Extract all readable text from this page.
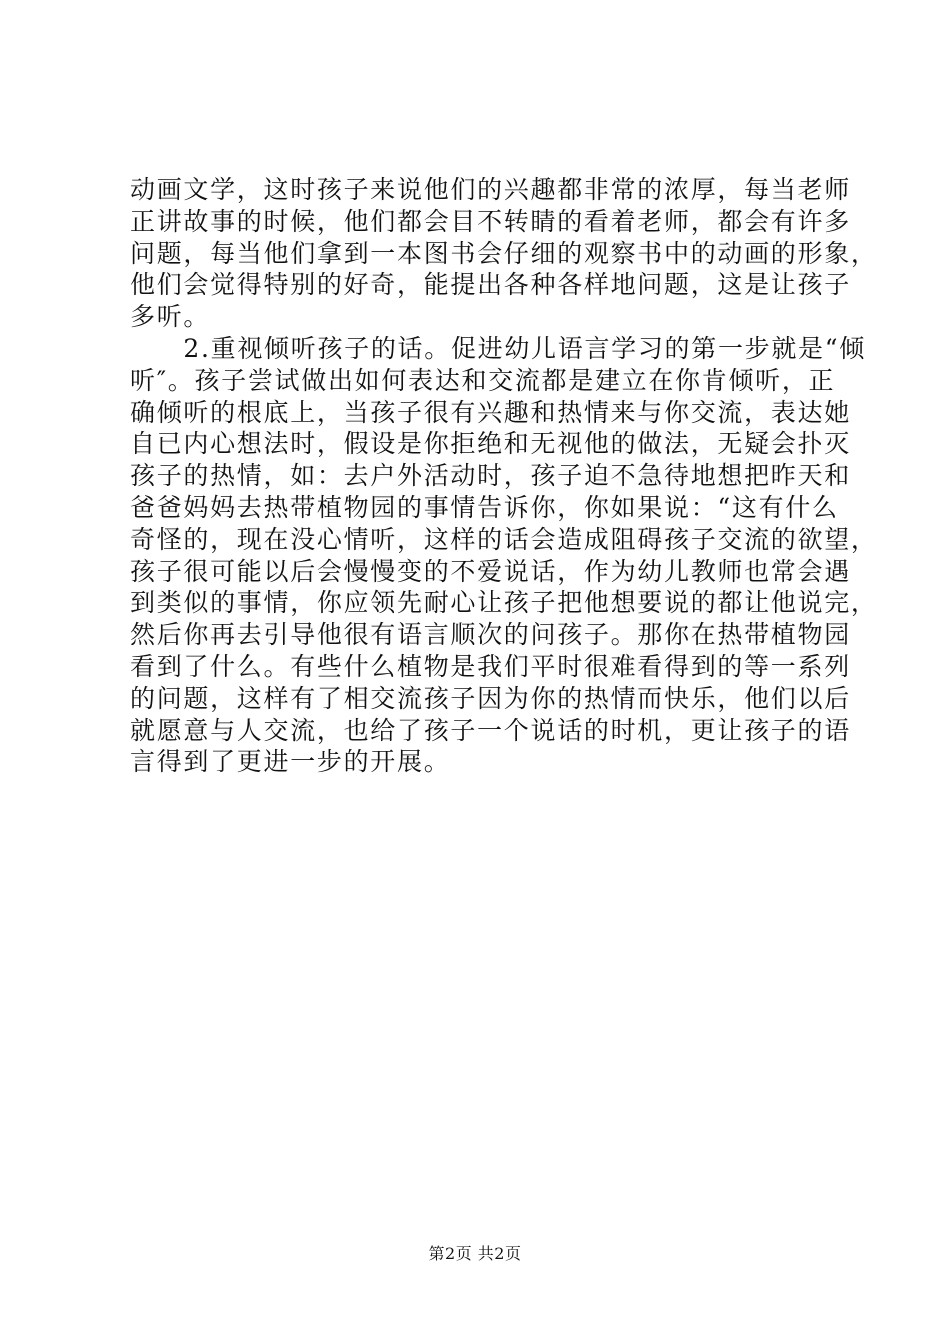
动画文学，这时孩子来说他们的兴趣都非常的浓厚，每当老师
正讲故事的时候，他们都会目不转睛的看着老师，都会有许多
问题，每当他们拿到一本图书会仔细的观察书中的动画的形象，
他们会觉得特别的好奇，能提出各种各样地问题，这是让孩子
多听。
　　2.重视倾听孩子的话。促进幼儿语言学习的第一步就是“倾
听″。孩子尝试做出如何表达和交流都是建立在你肯倾听，正
确倾听的根底上，当孩子很有兴趣和热情来与你交流，表达她
自已内心想法时，假设是你拒绝和无视他的做法，无疑会扑灭
孩子的热情，如：去户外活动时，孩子迫不急待地想把昨天和
爸爸妈妈去热带植物园的事情告诉你，你如果说：“这有什么
奇怪的，现在没心情听，这样的话会造成阻碍孩子交流的欲望，
孩子很可能以后会慢慢变的不爱说话，作为幼儿教师也常会遇
到类似的事情，你应领先耐心让孩子把他想要说的都让他说完，
然后你再去引导他很有语言顺次的问孩子。那你在热带植物园
看到了什么。有些什么植物是我们平时很难看得到的等一系列
的问题，这样有了相交流孩子因为你的热情而快乐，他们以后
就愿意与人交流，也给了孩子一个说话的时机，更让孩子的语
言得到了更进一步的开展。
第2页 共2页
